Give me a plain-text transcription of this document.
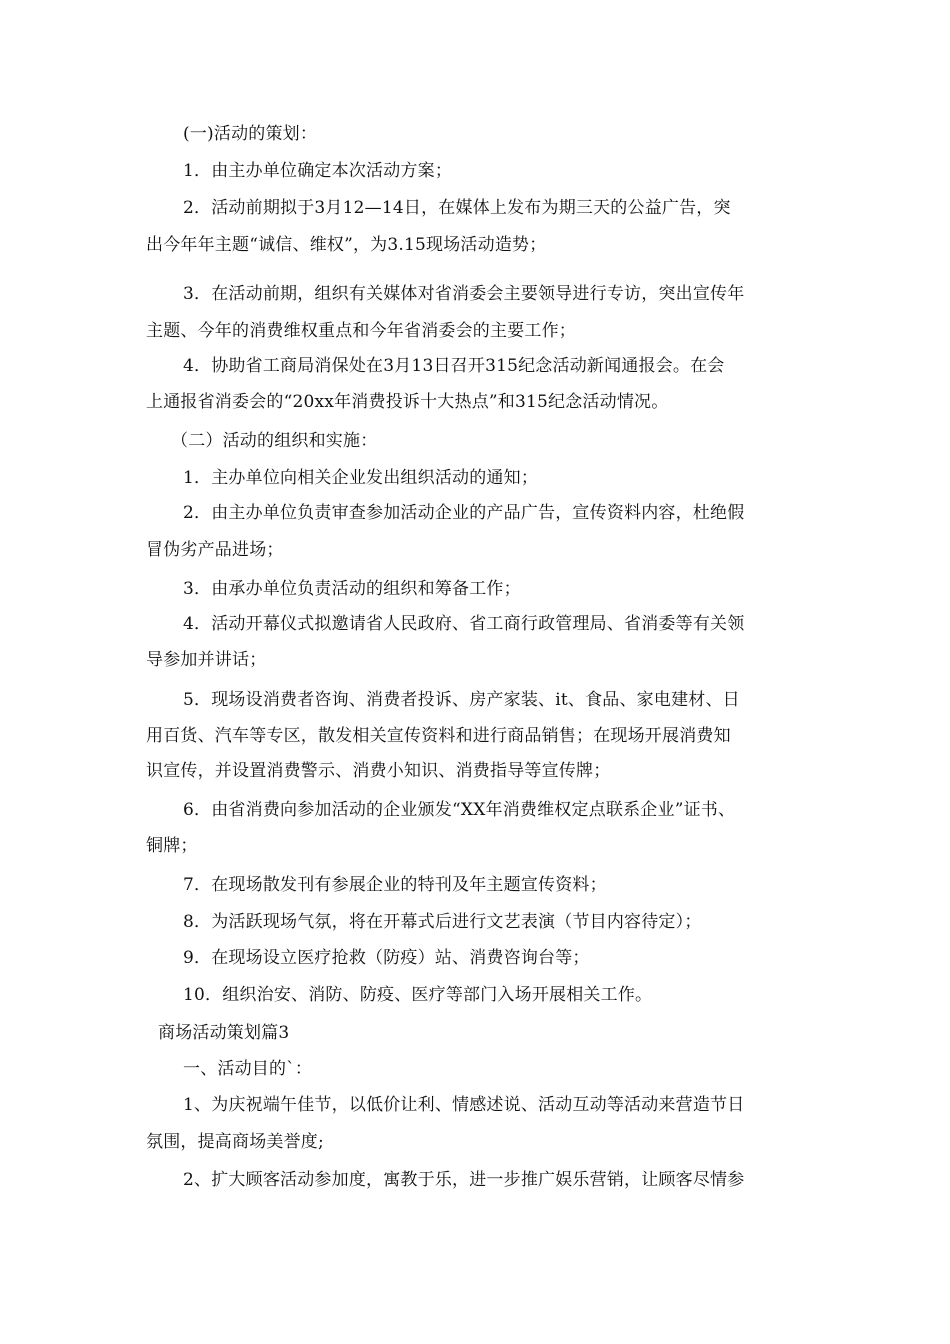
(一)活动的策划：
1．由主办单位确定本次活动方案；
2．活动前期拟于3月12—14日，在媒体上发布为期三天的公益广告，突
出今年年主题“诚信、维权”，为3.15现场活动造势；
3．在活动前期，组织有关媒体对省消委会主要领导进行专访，突出宣传年
主题、今年的消费维权重点和今年省消委会的主要工作；
4．协助省工商局消保处在3月13日召开315纪念活动新闻通报会。在会
上通报省消委会的“20xx年消费投诉十大热点”和315纪念活动情况。
（二）活动的组织和实施：
1．主办单位向相关企业发出组织活动的通知；
2．由主办单位负责审查参加活动企业的产品广告，宣传资料内容，杜绝假
冒伪劣产品进场；
3．由承办单位负责活动的组织和筹备工作；
4．活动开幕仪式拟邀请省人民政府、省工商行政管理局、省消委等有关领
导参加并讲话；
5．现场设消费者咨询、消费者投诉、房产家装、it、食品、家电建材、日
用百货、汽车等专区，散发相关宣传资料和进行商品销售；在现场开展消费知
识宣传，并设置消费警示、消费小知识、消费指导等宣传牌；
6．由省消费向参加活动的企业颁发“XX年消费维权定点联系企业”证书、
铜牌；
7．在现场散发刊有参展企业的特刊及年主题宣传资料；
8．为活跃现场气氛，将在开幕式后进行文艺表演（节目内容待定）；
9．在现场设立医疗抢救（防疫）站、消费咨询台等；
10．组织治安、消防、防疫、医疗等部门入场开展相关工作。
商场活动策划篇3
一、活动目的`：
1、为庆祝端午佳节，以低价让利、情感述说、活动互动等活动来营造节日
氛围，提高商场美誉度;
2、扩大顾客活动参加度，寓教于乐，进一步推广娱乐营销，让顾客尽情参
